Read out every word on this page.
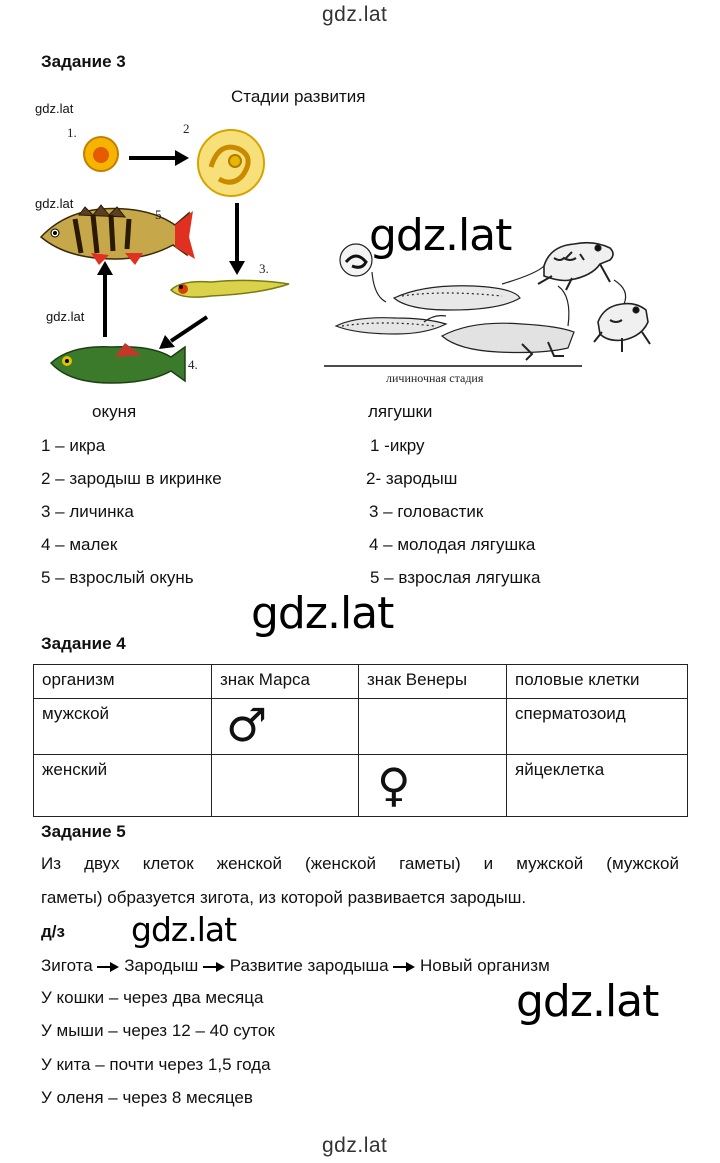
gdz.lat
Задание 3
Стадии развития
gdz.lat
gdz.lat
gdz.lat
1.	2
3.
4.
5.
личиночная стадия
gdz.lat
окуня	лягушки
1 – икра
2 – зародыш в икринке
3 – личинка
4 – малек
5 – взрослый окунь
1 -икру
2- зародыш
3 – головастик
4 – молодая лягушка
5 – взрослая лягушка
gdz.lat
Задание 4
организм	знак Марса	знак Венеры	половые клетки
мужской	♂		сперматозоид
женский		♀	яйцеклетка
Задание 5
Из двух клеток женской (женской гаметы) и мужской (мужской
гаметы) образуется зигота, из которой развивается зародыш.
д/з gdz.lat
Зигота Зародыш Развитие зародыша Новый организм
У кошки – через два месяца
У мыши – через 12 – 40 суток
У кита – почти через 1,5 года
У оленя – через 8 месяцев
gdz.lat
gdz.lat
